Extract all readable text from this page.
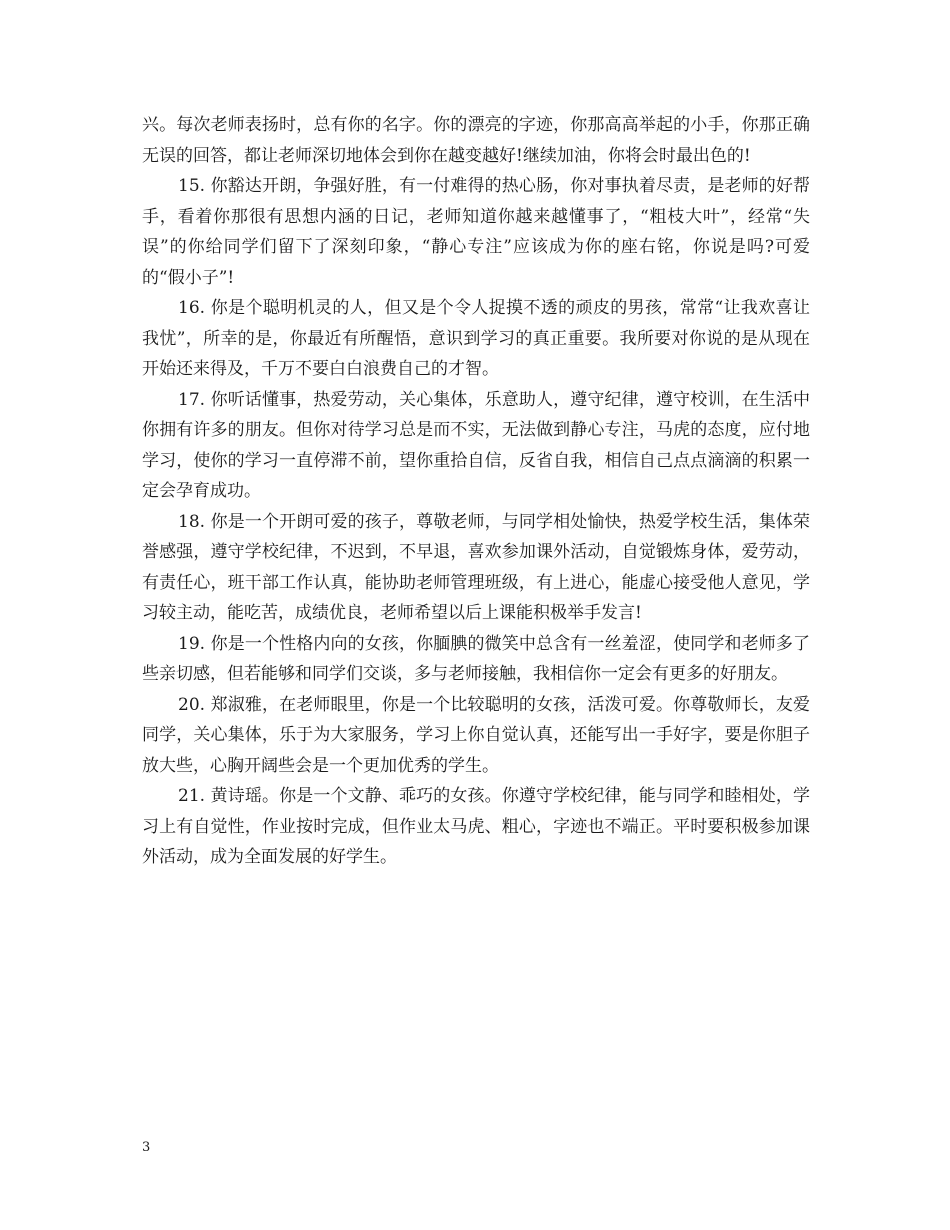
兴。每次老师表扬时，总有你的名字。你的漂亮的字迹，你那高高举起的小手，你那正确无误的回答，都让老师深切地体会到你在越变越好!继续加油，你将会时最出色的!

15. 你豁达开朗，争强好胜，有一付难得的热心肠，你对事执着尽责，是老师的好帮手，看着你那很有思想内涵的日记，老师知道你越来越懂事了，“粗枝大叶”，经常“失误”的你给同学们留下了深刻印象，“静心专注”应该成为你的座右铭，你说是吗?可爱的“假小子”!

16. 你是个聪明机灵的人，但又是个令人捉摸不透的顽皮的男孩，常常“让我欢喜让我忧”，所幸的是，你最近有所醒悟，意识到学习的真正重要。我所要对你说的是从现在开始还来得及，千万不要白白浪费自己的才智。

17. 你听话懂事，热爱劳动，关心集体，乐意助人，遵守纪律，遵守校训，在生活中你拥有许多的朋友。但你对待学习总是而不实，无法做到静心专注，马虎的态度，应付地学习，使你的学习一直停滞不前，望你重拾自信，反省自我，相信自己点点滴滴的积累一定会孕育成功。

18. 你是一个开朗可爱的孩子，尊敬老师，与同学相处愉快，热爱学校生活，集体荣誉感强，遵守学校纪律，不迟到，不早退，喜欢参加课外活动，自觉锻炼身体，爱劳动，有责任心，班干部工作认真，能协助老师管理班级，有上进心，能虚心接受他人意见，学习较主动，能吃苦，成绩优良，老师希望以后上课能积极举手发言!

19. 你是一个性格内向的女孩，你腼腆的微笑中总含有一丝羞涩，使同学和老师多了些亲切感，但若能够和同学们交谈，多与老师接触，我相信你一定会有更多的好朋友。

20. 郑淑雅，在老师眼里，你是一个比较聪明的女孩，活泼可爱。你尊敬师长，友爱同学，关心集体，乐于为大家服务，学习上你自觉认真，还能写出一手好字，要是你胆子放大些，心胸开阔些会是一个更加优秀的学生。

21. 黄诗瑶。你是一个文静、乖巧的女孩。你遵守学校纪律，能与同学和睦相处，学习上有自觉性，作业按时完成，但作业太马虎、粗心，字迹也不端正。平时要积极参加课外活动，成为全面发展的好学生。

3
